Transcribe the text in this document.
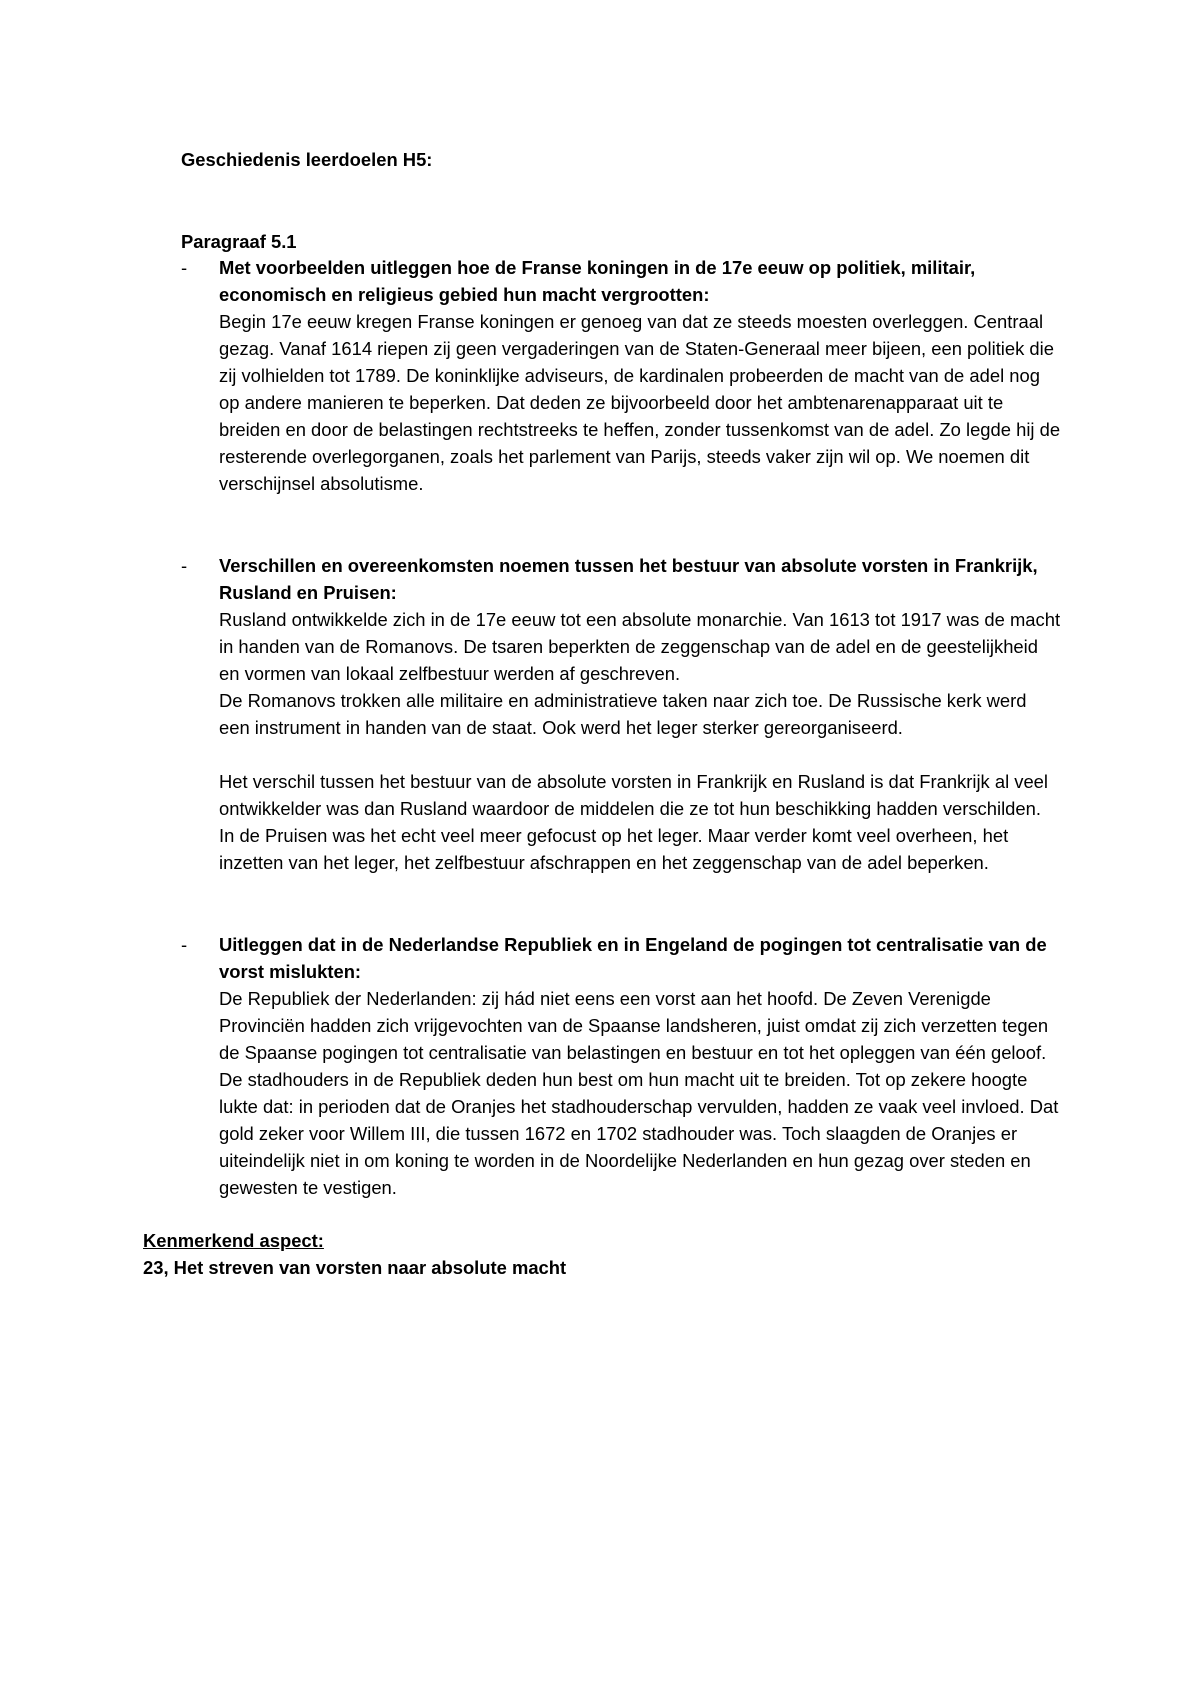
Geschiedenis leerdoelen H5:
Paragraaf 5.1
- Met voorbeelden uitleggen hoe de Franse koningen in de 17e eeuw op politiek, militair, economisch en religieus gebied hun macht vergrootten:

Begin 17e eeuw kregen Franse koningen er genoeg van dat ze steeds moesten overleggen. Centraal gezag. Vanaf 1614 riepen zij geen vergaderingen van de Staten-Generaal meer bijeen, een politiek die zij volhielden tot 1789. De koninklijke adviseurs, de kardinalen probeerden de macht van de adel nog op andere manieren te beperken. Dat deden ze bijvoorbeeld door het ambtenarenapparaat uit te breiden en door de belastingen rechtstreeks te heffen, zonder tussenkomst van de adel. Zo legde hij de resterende overlegorganen, zoals het parlement van Parijs, steeds vaker zijn wil op. We noemen dit verschijnsel absolutisme.

- Verschillen en overeenkomsten noemen tussen het bestuur van absolute vorsten in Frankrijk, Rusland en Pruisen:

Rusland ontwikkelde zich in de 17e eeuw tot een absolute monarchie. Van 1613 tot 1917 was de macht in handen van de Romanovs. De tsaren beperkten de zeggenschap van de adel en de geestelijkheid en vormen van lokaal zelfbestuur werden af geschreven.

De Romanovs trokken alle militaire en administratieve taken naar zich toe. De Russische kerk werd een instrument in handen van de staat. Ook werd het leger sterker gereorganiseerd.

Het verschil tussen het bestuur van de absolute vorsten in Frankrijk en Rusland is dat Frankrijk al veel ontwikkelder was dan Rusland waardoor de middelen die ze tot hun beschikking hadden verschilden. In de Pruisen was het echt veel meer gefocust op het leger. Maar verder komt veel overheen, het inzetten van het leger, het zelfbestuur afschrappen en het zeggenschap van de adel beperken.

- Uitleggen dat in de Nederlandse Republiek en in Engeland de pogingen tot centralisatie van de vorst mislukten:

De Republiek der Nederlanden: zij hád niet eens een vorst aan het hoofd. De Zeven Verenigde Provinciën hadden zich vrijgevochten van de Spaanse landsheren, juist omdat zij zich verzetten tegen de Spaanse pogingen tot centralisatie van belastingen en bestuur en tot het opleggen van één geloof. De stadhouders in de Republiek deden hun best om hun macht uit te breiden. Tot op zekere hoogte lukte dat: in perioden dat de Oranjes het stadhouderschap vervulden, hadden ze vaak veel invloed. Dat gold zeker voor Willem III, die tussen 1672 en 1702 stadhouder was. Toch slaagden de Oranjes er uiteindelijk niet in om koning te worden in de Noordelijke Nederlanden en hun gezag over steden en gewesten te vestigen.

Kenmerkend aspect:
23, Het streven van vorsten naar absolute macht
